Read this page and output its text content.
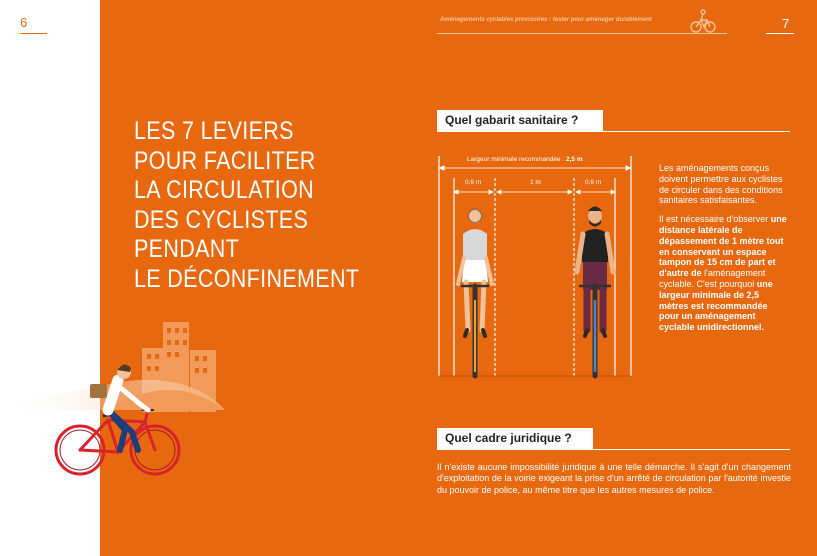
6
LES 7 LEVIERS
POUR FACILITER
LA CIRCULATION
DES CYCLISTES
PENDANT
LE DÉCONFINEMENT
Aménagements cyclables provisoires : tester pour aménager durablement	7
Quel gabarit sanitaire ?
Largeur minimale recommandée : 2,5 m
0,6 m	1 m	0,6 m

Les aménagements conçus doivent permettre aux cyclistes de circuler dans des conditions sanitaires satisfaisantes.

Il est nécessaire d'observer une distance latérale de dépassement de 1 mètre tout en conservant un espace tampon de 15 cm de part et d'autre de l'aménagement cyclable. C'est pourquoi une largeur minimale de 2,5 mètres est recommandée pour un aménagement cyclable unidirectionnel.

Quel cadre juridique ?

Il n'existe aucune impossibilité juridique à une telle démarche. Il s'agit d'un changement d'exploitation de la voirie exigeant la prise d'un arrêté de circulation par l'autorité investie du pouvoir de police, au même titre que les autres mesures de police.
